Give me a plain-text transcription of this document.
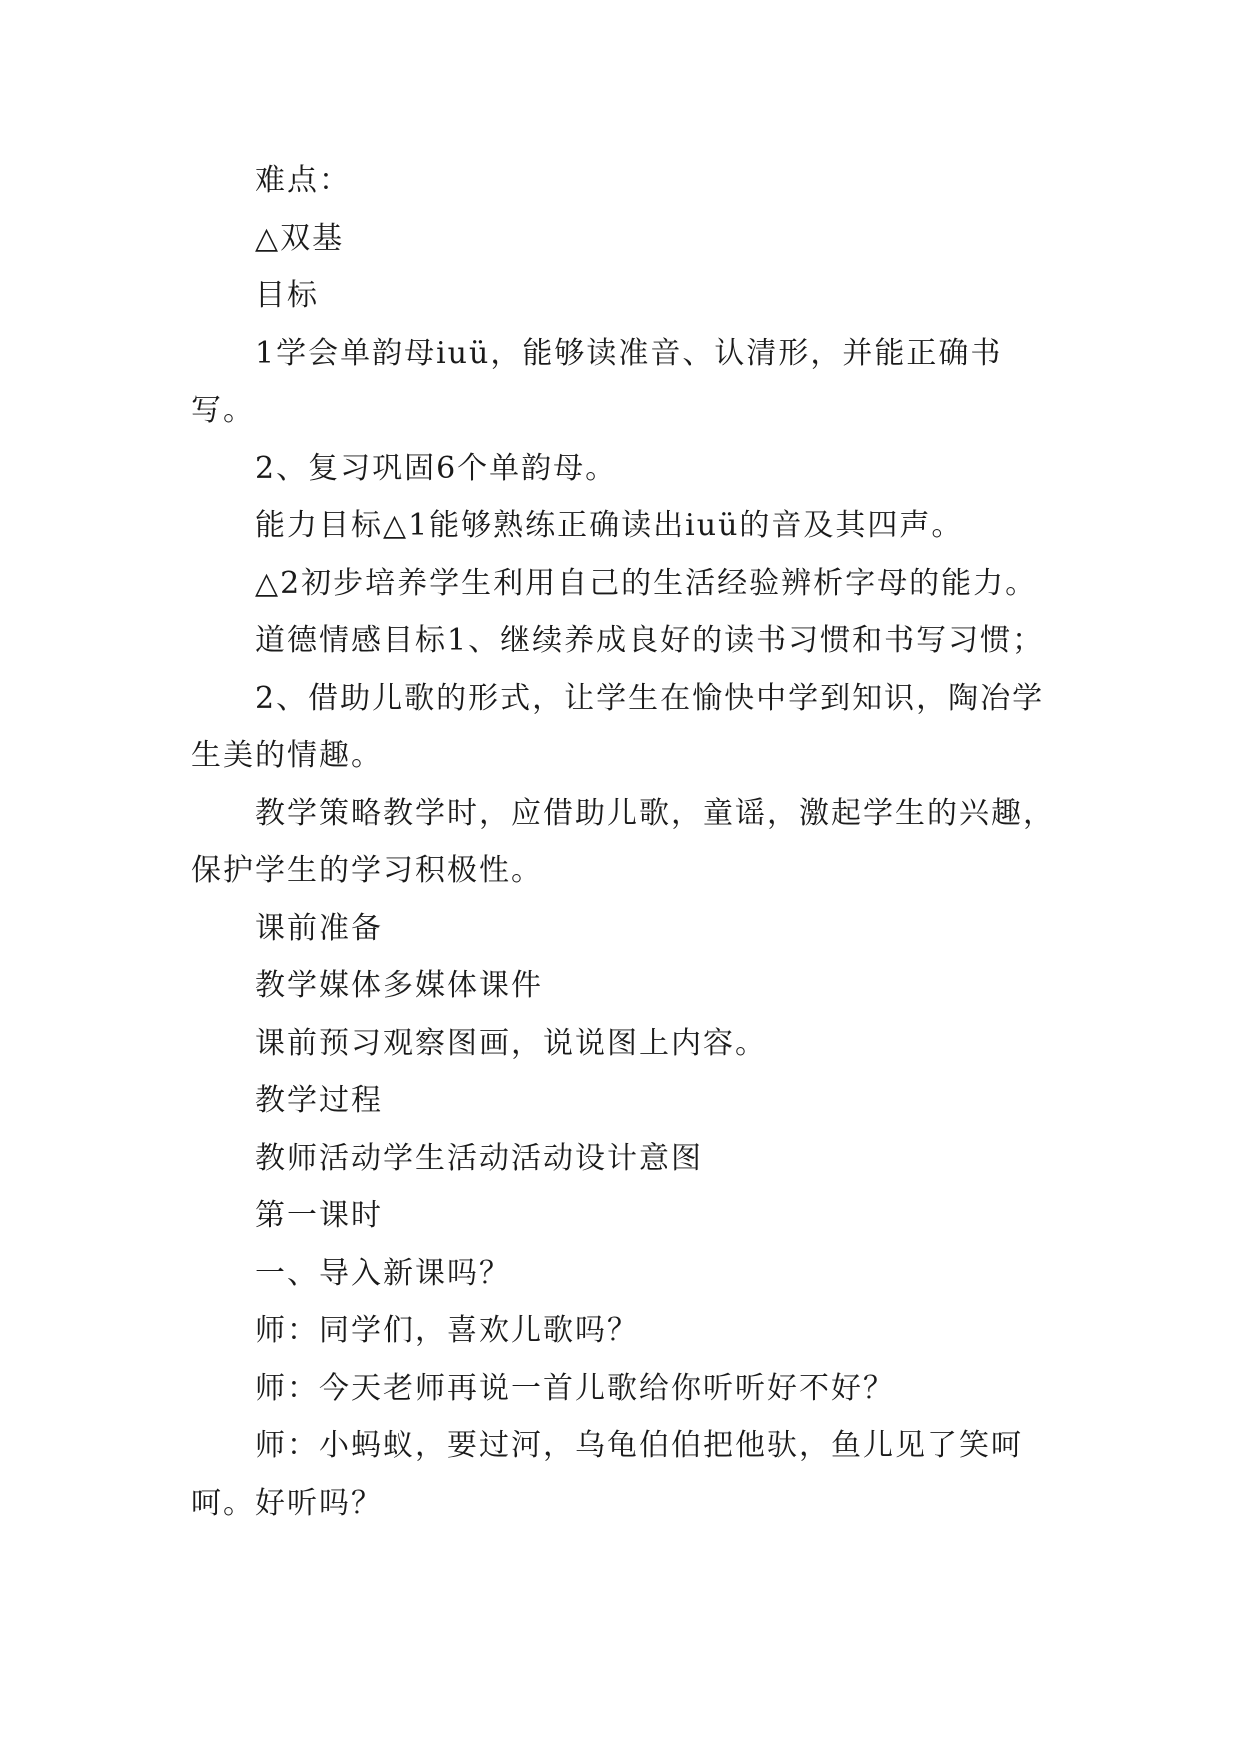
难点：

△双基

目标

1学会单韵母iuü，能够读准音、认清形，并能正确书写。

2、复习巩固6个单韵母。

能力目标△1能够熟练正确读出iuü的音及其四声。

△2初步培养学生利用自己的生活经验辨析字母的能力。

道德情感目标1、继续养成良好的读书习惯和书写习惯；

2、借助儿歌的形式，让学生在愉快中学到知识，陶冶学生美的情趣。

教学策略教学时，应借助儿歌，童谣，激起学生的兴趣，保护学生的学习积极性。

课前准备

教学媒体多媒体课件

课前预习观察图画，说说图上内容。

教学过程

教师活动学生活动活动设计意图

第一课时

一、导入新课吗？

师：同学们，喜欢儿歌吗？

师：今天老师再说一首儿歌给你听听好不好？

师：小蚂蚁，要过河，乌龟伯伯把他驮，鱼儿见了笑呵呵。好听吗？
